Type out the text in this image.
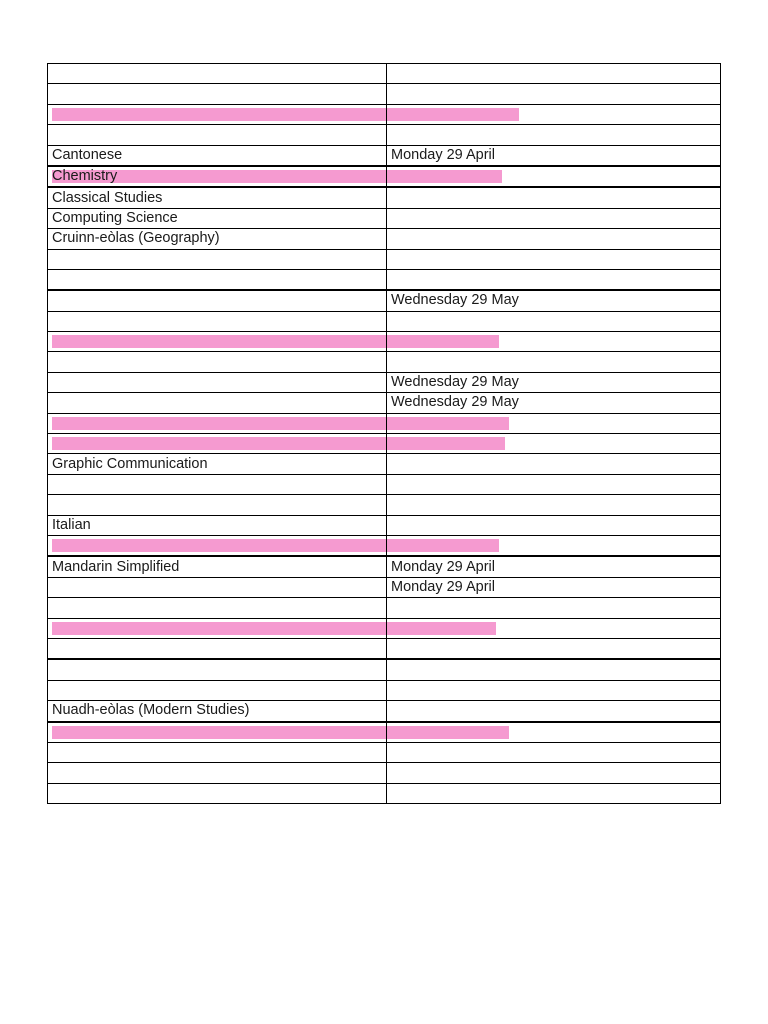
Cantonese	Monday 29 April

Chemistry	

Classical Studies	
Computing Science	
Cruinn-eòlas (Geography)	

	Wednesday 29 May

	Wednesday 29 May
	Wednesday 29 May

Graphic Communication	

Italian	

Mandarin Simplified	Monday 29 April
	Monday 29 April

Nuadh-eòlas (Modern Studies)	
